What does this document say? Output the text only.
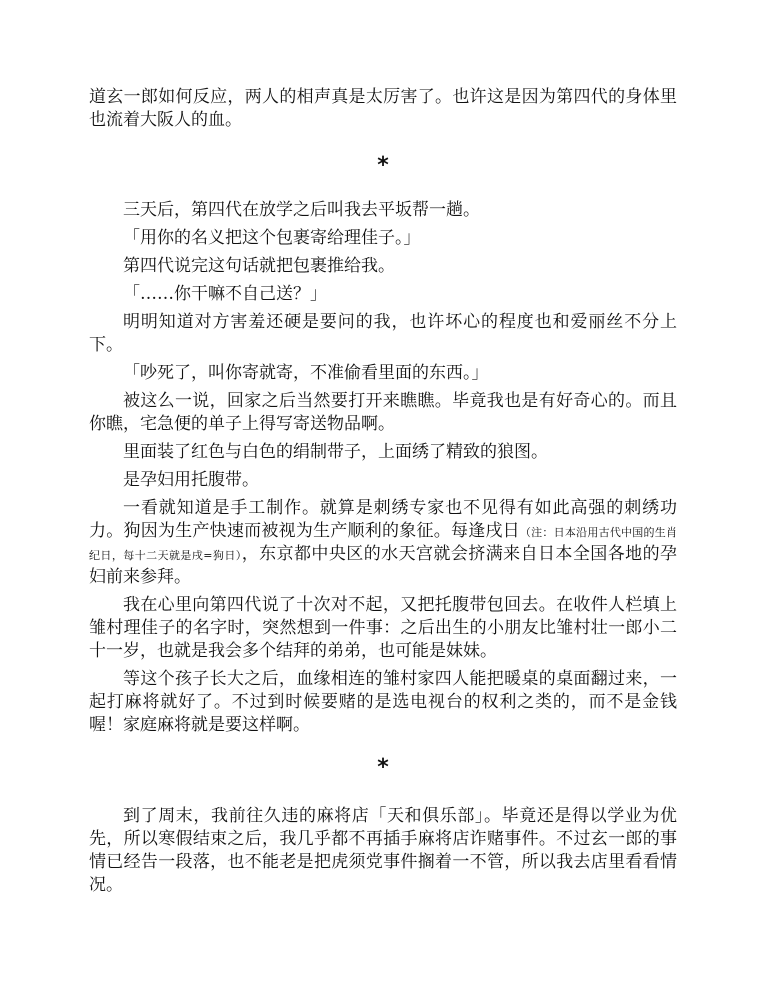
道玄一郎如何反应，两人的相声真是太厉害了。也许这是因为第四代的身体里也流着大阪人的血。

*

三天后，第四代在放学之后叫我去平坂帮一趟。

「用你的名义把这个包裹寄给理佳子。」

第四代说完这句话就把包裹推给我。

「……你干嘛不自己送？」

明明知道对方害羞还硬是要问的我，也许坏心的程度也和爱丽丝不分上下。

「吵死了，叫你寄就寄，不准偷看里面的东西。」

被这么一说，回家之后当然要打开来瞧瞧。毕竟我也是有好奇心的。而且你瞧，宅急便的单子上得写寄送物品啊。

里面装了红色与白色的绢制带子，上面绣了精致的狼图。

是孕妇用托腹带。

一看就知道是手工制作。就算是刺绣专家也不见得有如此高强的刺绣功力。狗因为生产快速而被视为生产顺利的象征。每逢戌日（注：日本沿用古代中国的生肖纪日，每十二天就是戌=狗日），东京都中央区的水天宫就会挤满来自日本全国各地的孕妇前来参拜。

我在心里向第四代说了十次对不起，又把托腹带包回去。在收件人栏填上雏村理佳子的名字时，突然想到一件事：之后出生的小朋友比雏村壮一郎小二十一岁，也就是我会多个结拜的弟弟，也可能是妹妹。

等这个孩子长大之后，血缘相连的雏村家四人能把暖桌的桌面翻过来，一起打麻将就好了。不过到时候要赌的是选电视台的权利之类的，而不是金钱喔！家庭麻将就是要这样啊。

*

到了周末，我前往久违的麻将店「天和俱乐部」。毕竟还是得以学业为优先，所以寒假结束之后，我几乎都不再插手麻将店诈赌事件。不过玄一郎的事情已经告一段落，也不能老是把虎须党事件搁着一不管，所以我去店里看看情况。
